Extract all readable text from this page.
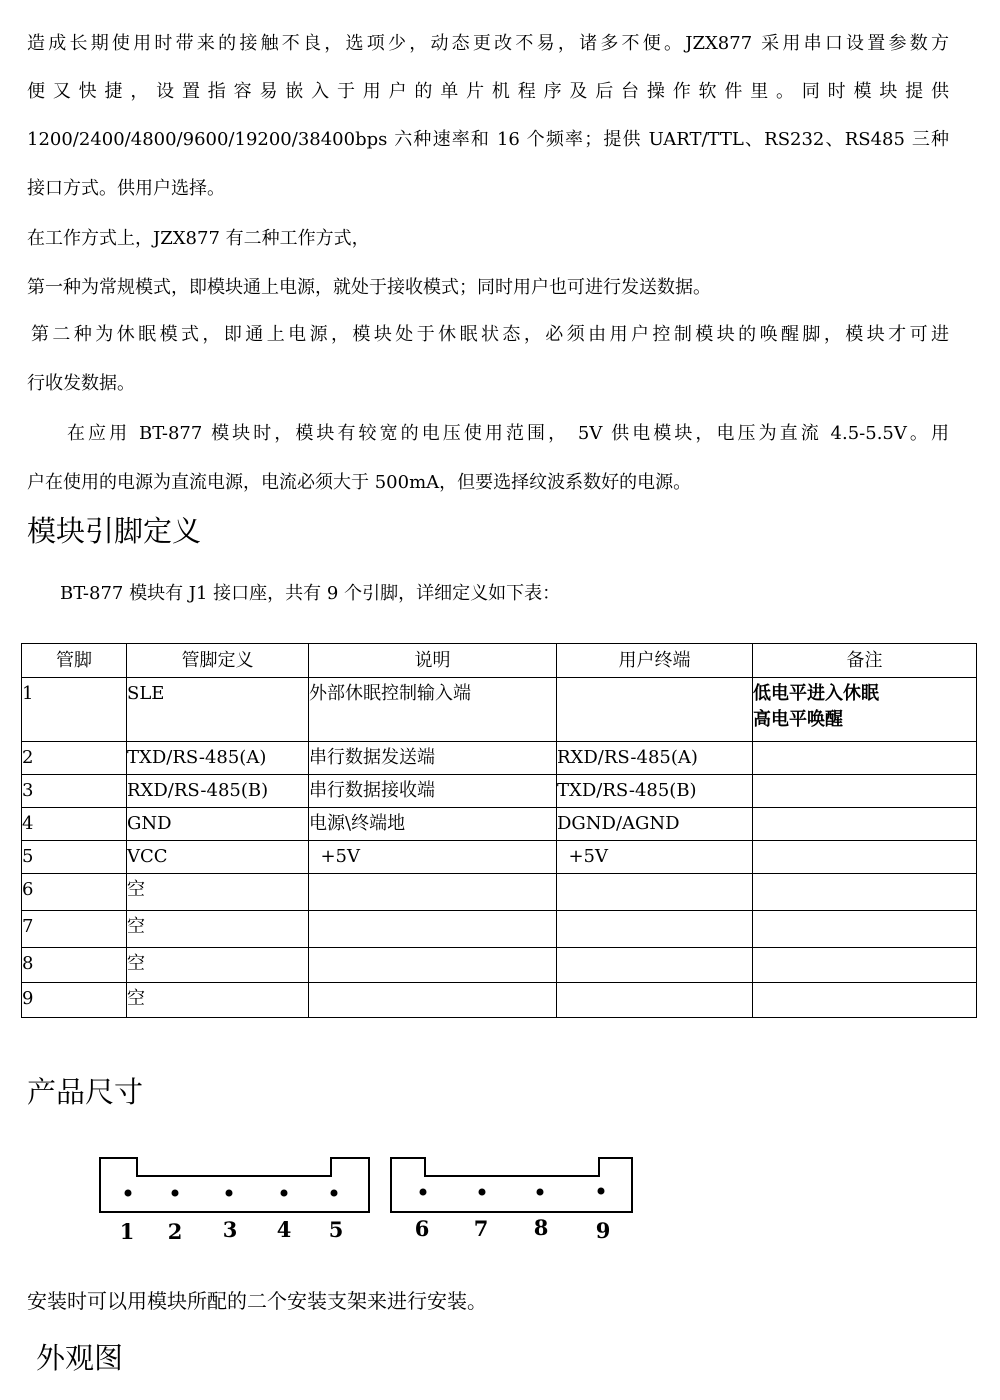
造成长期使用时带来的接触不良，选项少，动态更改不易，诸多不便。JZX877 采用串口设置参数方

便又快捷，设置指容易嵌入于用户的单片机程序及后台操作软件里。同时模块提供

1200/2400/4800/9600/19200/38400bps 六种速率和 16 个频率；提供 UART/TTL、RS232、RS485 三种

接口方式。供用户选择。

在工作方式上，JZX877 有二种工作方式，

第一种为常规模式，即模块通上电源，就处于接收模式；同时用户也可进行发送数据。

第二种为休眠模式，即通上电源，模块处于休眠状态，必须由用户控制模块的唤醒脚，模块才可进

行收发数据。

在应用 BT-877 模块时，模块有较宽的电压使用范围， 5V 供电模块，电压为直流 4.5-5.5V。用

户在使用的电源为直流电源，电流必须大于 500mA，但要选择纹波系数好的电源。

模块引脚定义

BT-877 模块有 J1 接口座，共有 9 个引脚，详细定义如下表：

管脚	管脚定义	说明	用户终端	备注
1	SLE	外部休眠控制输入端		低电平进入休眠
高电平唤醒

2	TXD/RS-485(A)	串行数据发送端	RXD/RS-485(A)	
3	RXD/RS-485(B)	串行数据接收端	TXD/RS-485(B)	
4	GND	电源\终端地	DGND/AGND	
5	VCC	+5V	+5V	
6	空			
7	空			
8	空			
9	空			
产品尺寸
1 2 3 4 5	6 7 8 9

安装时可以用模块所配的二个安装支架来进行安装。

外观图
